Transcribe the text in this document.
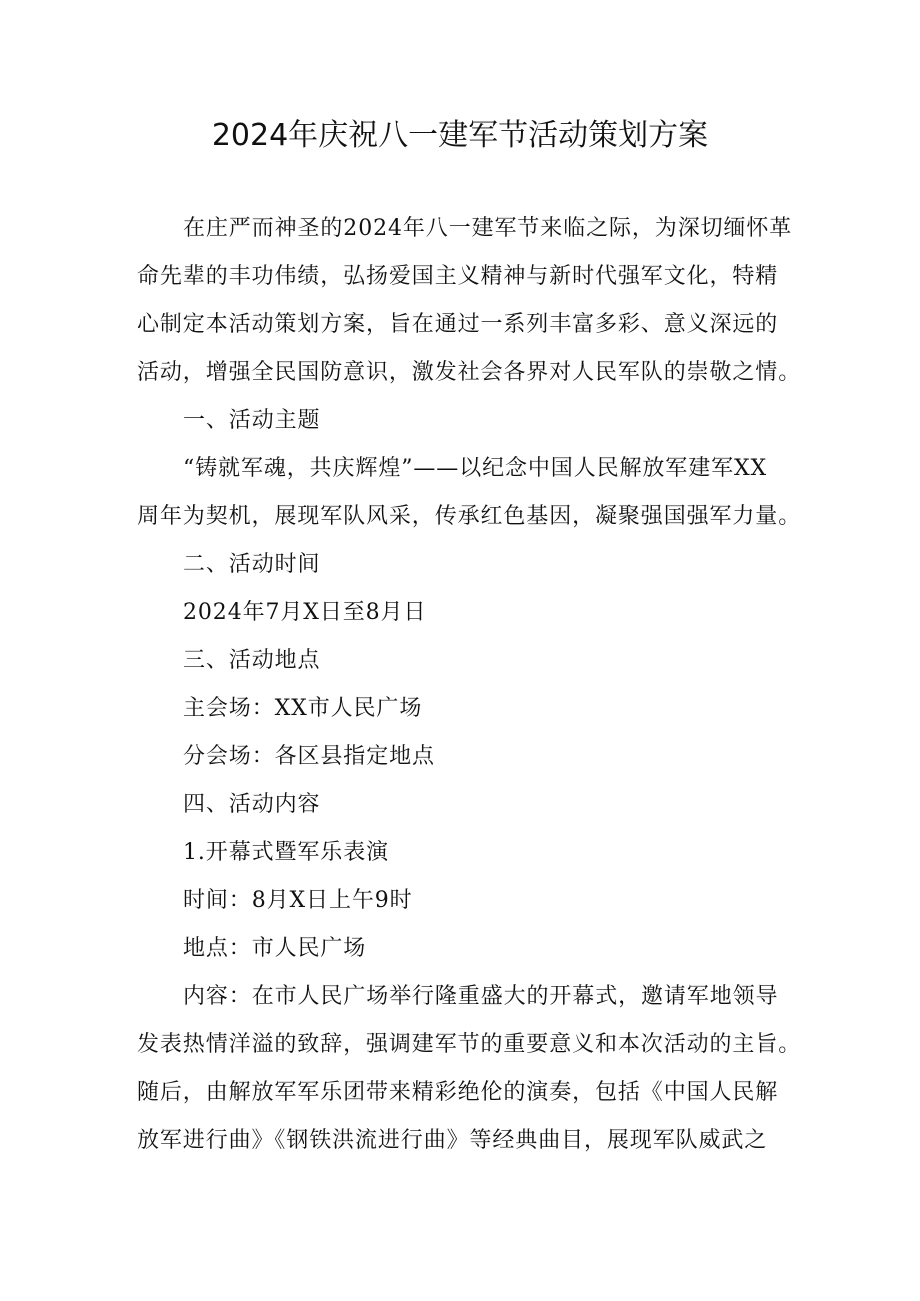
2024年庆祝八一建军节活动策划方案
在庄严而神圣的2024年八一建军节来临之际，为深切缅怀革
命先辈的丰功伟绩，弘扬爱国主义精神与新时代强军文化，特精
心制定本活动策划方案，旨在通过一系列丰富多彩、意义深远的
活动，增强全民国防意识，激发社会各界对人民军队的崇敬之情。
一、活动主题
“铸就军魂，共庆辉煌”——以纪念中国人民解放军建军XX
周年为契机，展现军队风采，传承红色基因，凝聚强国强军力量。
二、活动时间
2024年7月X日至8月日
三、活动地点
主会场：XX市人民广场
分会场：各区县指定地点
四、活动内容
1.开幕式暨军乐表演
时间：8月X日上午9时
地点：市人民广场
内容：在市人民广场举行隆重盛大的开幕式，邀请军地领导
发表热情洋溢的致辞，强调建军节的重要意义和本次活动的主旨。
随后，由解放军军乐团带来精彩绝伦的演奏，包括《中国人民解
放军进行曲》《钢铁洪流进行曲》等经典曲目，展现军队威武之
